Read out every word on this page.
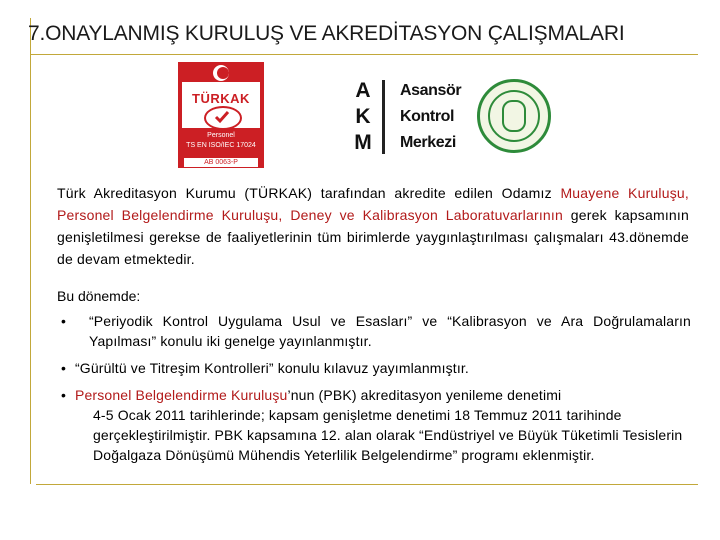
7.ONAYLANMIŞ KURULUŞ VE AKREDİTASYON ÇALIŞMALARI
TÜRKAK
Personel
TS EN ISO/IEC 17024
AB 0063-P
A
K
M
Asansör
Kontrol
Merkezi
Türk Akreditasyon Kurumu (TÜRKAK) tarafından akredite edilen Odamız Muayene Kuruluşu, Personel Belgelendirme Kuruluşu, Deney ve Kalibrasyon Laboratuvarlarının gerek kapsamının genişletilmesi gerekse de faaliyetlerinin tüm birimlerde yaygınlaştırılması çalışmaları 43.dönemde de devam etmektedir.
Bu dönemde:
• “Periyodik Kontrol Uygulama Usul ve Esasları” ve “Kalibrasyon ve Ara Doğrulamaların Yapılması” konulu iki genelge yayınlanmıştır.
• “Gürültü ve Titreşim Kontrolleri” konulu kılavuz yayımlanmıştır.
• Personel Belgelendirme Kuruluşu’nun (PBK) akreditasyon yenileme denetimi
4-5 Ocak 2011 tarihlerinde; kapsam genişletme denetimi 18 Temmuz 2011 tarihinde gerçekleştirilmiştir. PBK kapsamına 12. alan olarak “Endüstriyel ve Büyük Tüketimli Tesislerin Doğalgaza Dönüşümü Mühendis Yeterlilik Belgelendirme” programı eklenmiştir.
